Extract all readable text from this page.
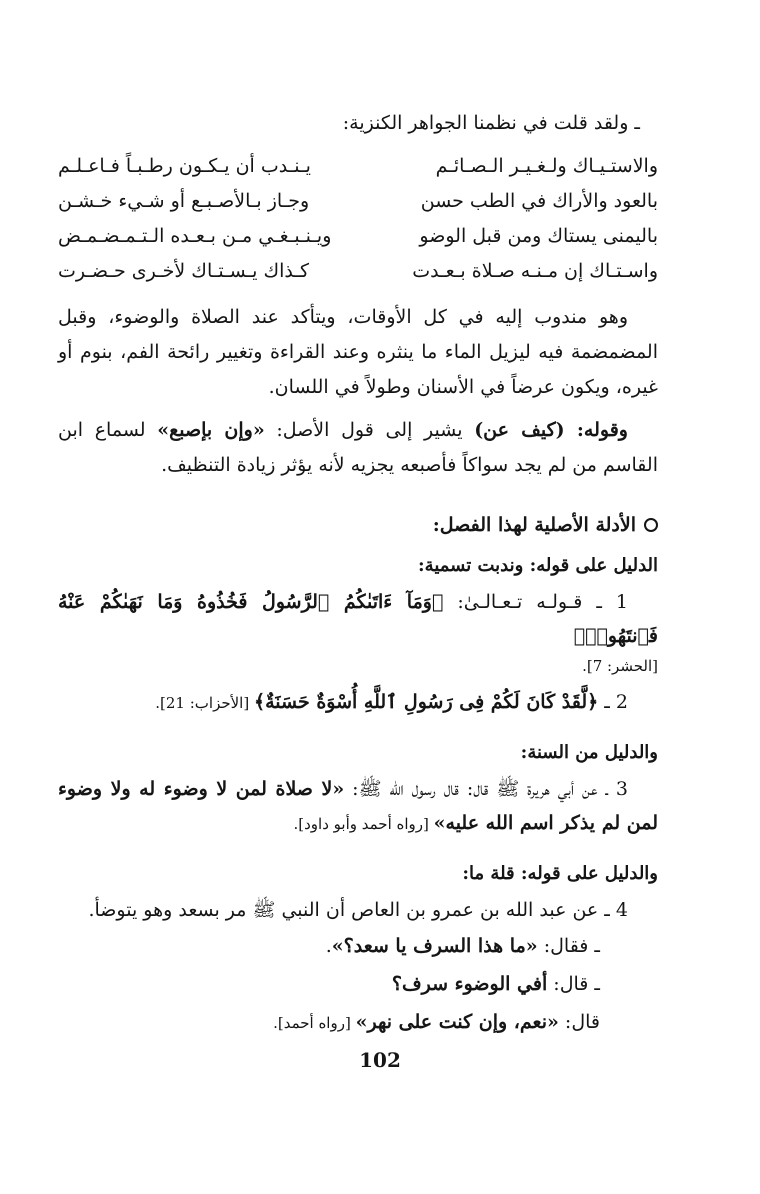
ـ ولقد قلت في نظمنا الجواهر الكنزية:
والاستـيـاك ولـغـيـر الـصـائـم
يـنـدب أن يـكـون رطـبـاً فـاعـلـم
بالعود والأراك في الطب حسن
وجـاز بـالأصـبـع أو شـيء خـشـن
باليمنى يستاك ومن قبل الوضو
ويـنـبـغـي مـن بـعـده الـتـمـضـمـض
واسـتـاك إن مـنـه صـلاة بـعـدت
كـذاك يـسـتـاك لأخـرى حـضـرت
وهو مندوب إليه في كل الأوقات، ويتأكد عند الصلاة والوضوء، وقبل المضمضمة فيه ليزيل الماء ما ينثره وعند القراءة وتغيير رائحة الفم، بنوم أو غيره، ويكون عرضاً في الأسنان وطولاً في اللسان.
وقوله: (كيف عن) يشير إلى قول الأصل: «وإن بإصبع» لسماع ابن القاسم من لم يجد سواكاً فأصبعه يجزيه لأنه يؤثر زيادة التنظيف.
الأدلة الأصلية لهذا الفصل:
الدليل على قوله: وندبت تسمية:
1 ـ قـولـه تـعـالـىٰ: ﴿وَمَآ ءَاتَىٰكُمُ ٱلرَّسُولُ فَخُذُوهُ وَمَا نَهَىٰكُمْ عَنْهُ فَٱنتَهُوا۟﴾
[الحشر: 7].
2 ـ ﴿لَّقَدْ كَانَ لَكُمْ فِى رَسُولِ ٱللَّهِ أُسْوَةٌ حَسَنَةٌ﴾ [الأحزاب: 21].
والدليل من السنة:
3 ـ عن أبي هريرة ﷺ قال: قال رسول الله ﷺ: «لا صلاة لمن لا وضوء له ولا وضوء لمن لم يذكر اسم الله عليه» [رواه أحمد وأبو داود].
والدليل على قوله: قلة ما:
4 ـ عن عبد الله بن عمرو بن العاص أن النبي ﷺ مر بسعد وهو يتوضأ.
ـ فقال: «ما هذا السرف يا سعد؟».
ـ قال: أفي الوضوء سرف؟
قال: «نعم، وإن كنت على نهر» [رواه أحمد].
102
